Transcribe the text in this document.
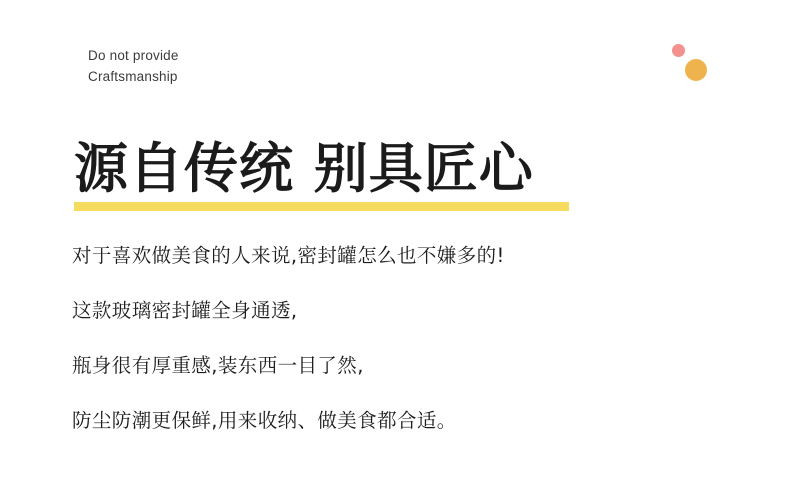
Do not provide
Craftsmanship
源自传统 别具匠心
对于喜欢做美食的人来说,密封罐怎么也不嫌多的!
这款玻璃密封罐全身通透,
瓶身很有厚重感,装东西一目了然,
防尘防潮更保鲜,用来收纳、做美食都合适。
